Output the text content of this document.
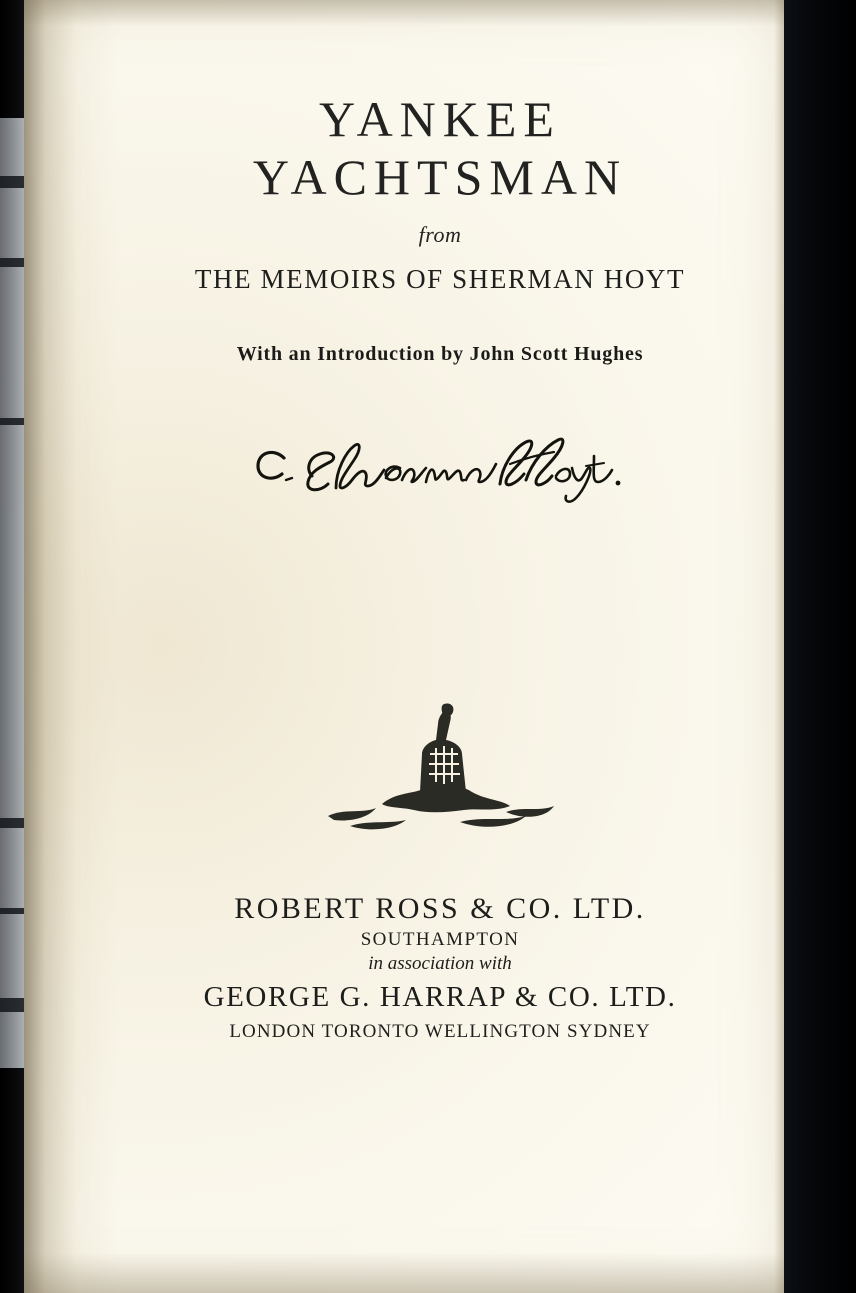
YANKEE
YACHTSMAN
from
THE MEMOIRS OF SHERMAN HOYT
With an Introduction by John Scott Hughes
ROBERT ROSS & CO. LTD.
SOUTHAMPTON
in association with
GEORGE G. HARRAP & CO. LTD.
LONDON TORONTO WELLINGTON SYDNEY
